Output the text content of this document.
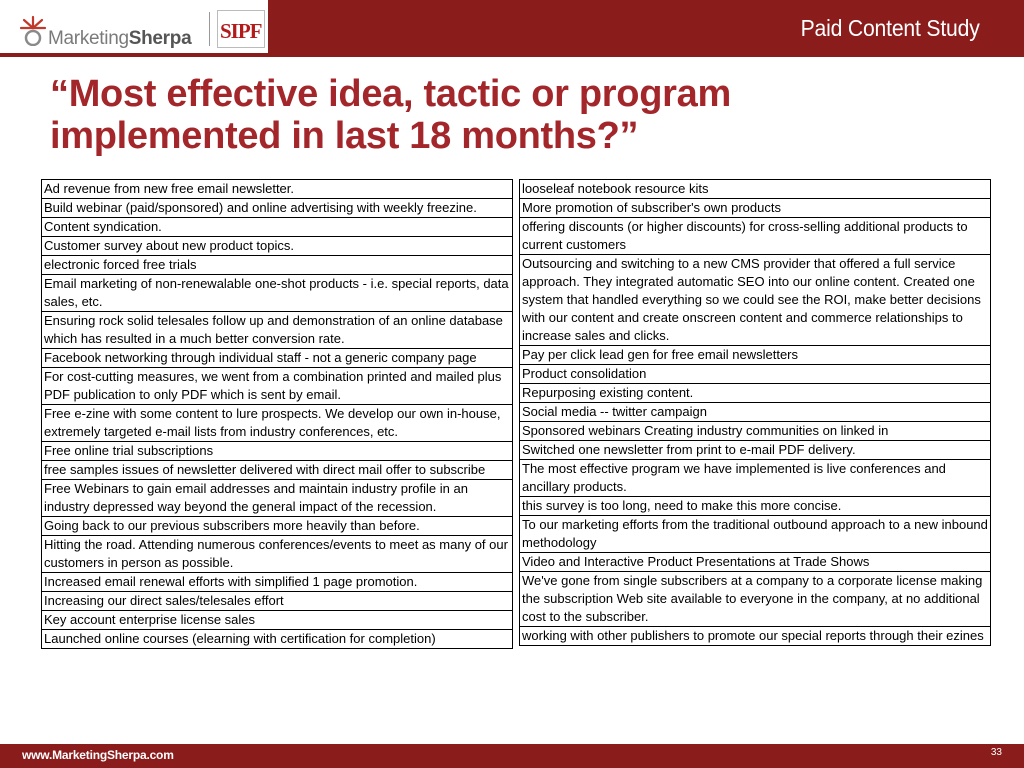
MarketingSherpa SIPF	Paid Content Study
“Most effective idea, tactic or program
implemented in last 18 months?”
Ad revenue from new free email newsletter.
Build webinar (paid/sponsored) and online advertising with weekly freezine.
Content syndication.
Customer survey about new product topics.
electronic forced free trials
Email marketing of non-renewalable one-shot products - i.e. special reports, data sales, etc.
Ensuring rock solid telesales follow up and demonstration of an online database which has resulted in a much better conversion rate.
Facebook networking through individual staff - not a generic company page
For cost-cutting measures, we went from a combination printed and mailed plus PDF publication to only PDF which is sent by email.
Free e-zine with some content to lure prospects. We develop our own in-house, extremely targeted e-mail lists from industry conferences, etc.
Free online trial subscriptions
free samples issues of newsletter delivered with direct mail offer to subscribe
Free Webinars to gain email addresses and maintain industry profile in an industry depressed way beyond the general impact of the recession.
Going back to our previous subscribers more heavily than before.
Hitting the road. Attending numerous conferences/events to meet as many of our customers in person as possible.
Increased email renewal efforts with simplified 1 page promotion.
Increasing our direct sales/telesales effort
Key account enterprise license sales
Launched online courses (elearning with certification for completion)
looseleaf notebook resource kits
More promotion of subscriber's own products
offering discounts (or higher discounts) for cross-selling additional products to current customers
Outsourcing and switching to a new CMS provider that offered a full service approach. They integrated automatic SEO into our online content. Created one system that handled everything so we could see the ROI, make better decisions with our content and create onscreen content and commerce relationships to increase sales and clicks.
Pay per click lead gen for free email newsletters
Product consolidation
Repurposing existing content.
Social media -- twitter campaign
Sponsored webinars Creating industry communities on linked in
Switched one newsletter from print to e-mail PDF delivery.
The most effective program we have implemented is live conferences and ancillary products.
this survey is too long, need to make this more concise.
To our marketing efforts from the traditional outbound approach to a new inbound methodology
Video and Interactive Product Presentations at Trade Shows
We've gone from single subscribers at a company to a corporate license making the subscription Web site available to everyone in the company, at no additional cost to the subscriber.
working with other publishers to promote our special reports through their ezines
www.MarketingSherpa.com	33
